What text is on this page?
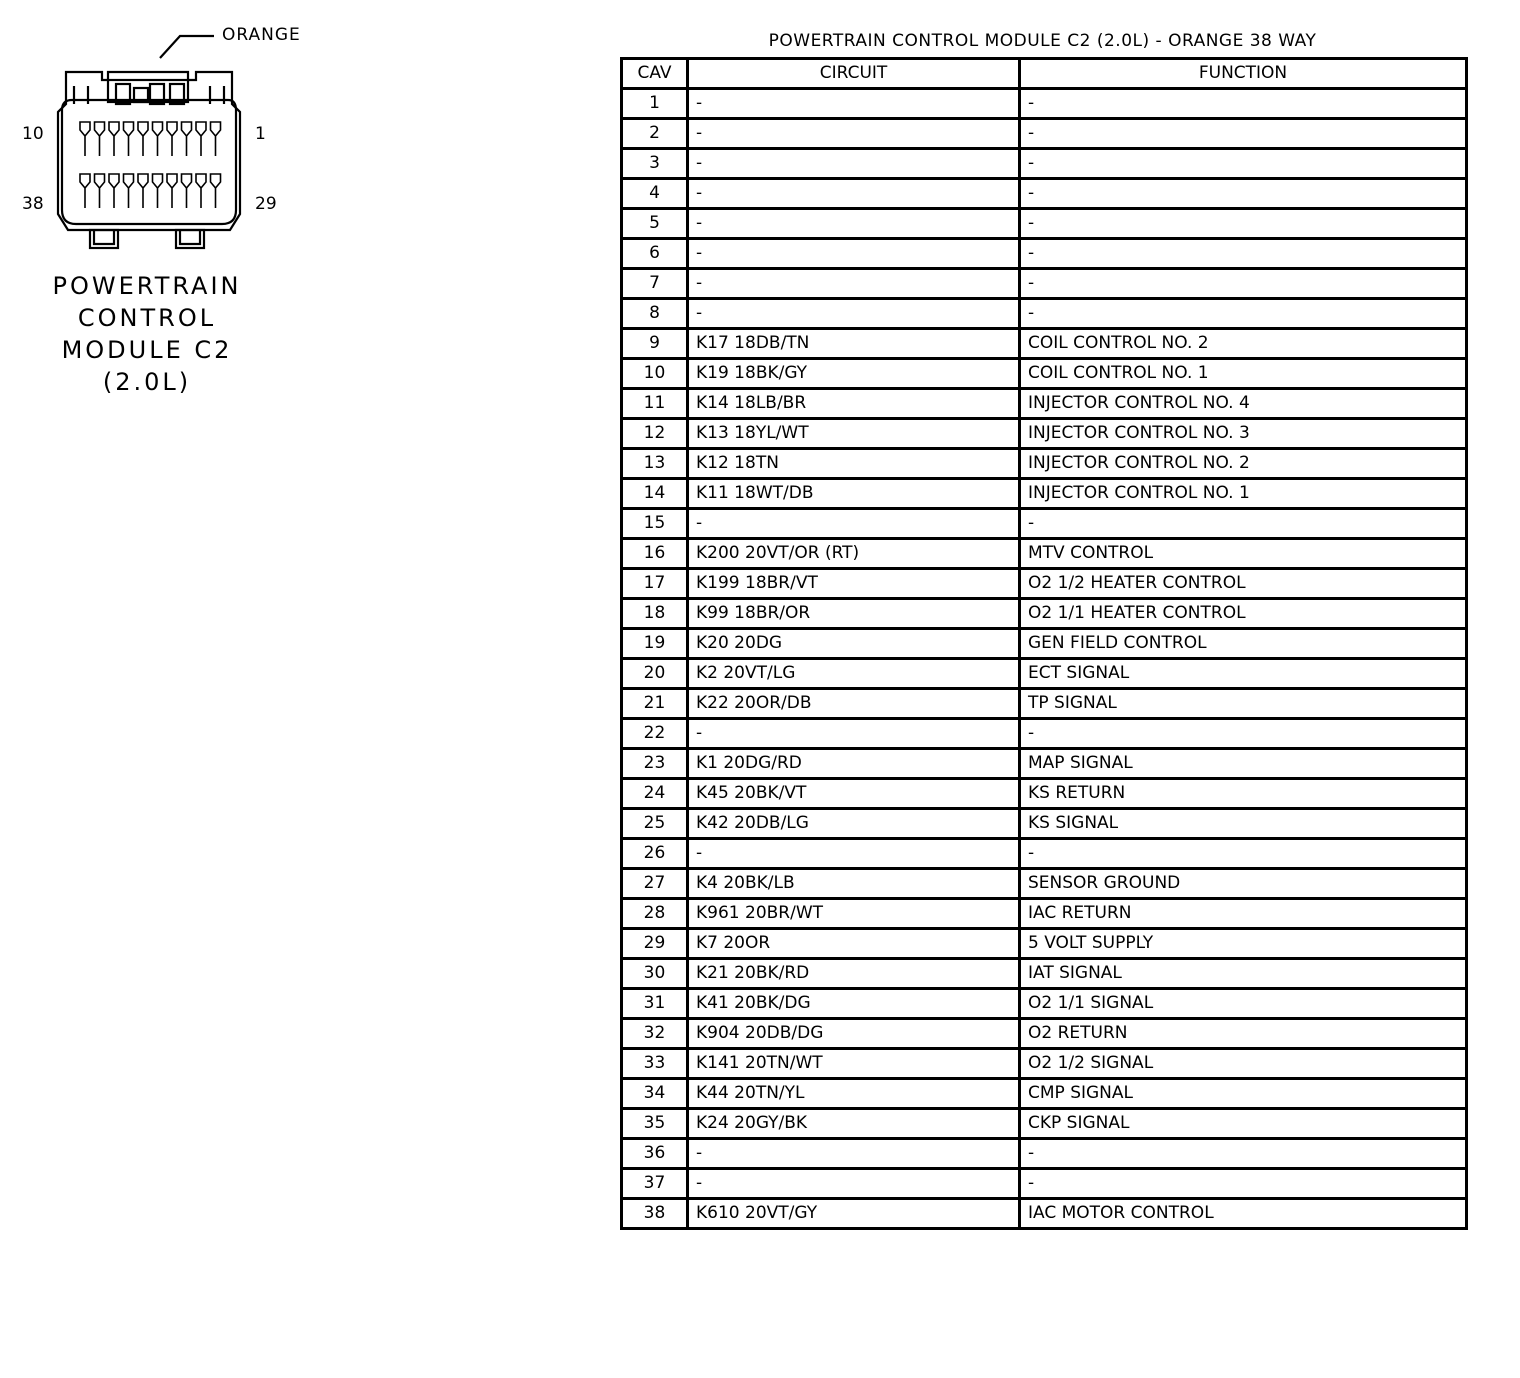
ORANGE
10	1
38	29
POWERTRAIN
CONTROL
MODULE C2
(2.0L)
POWERTRAIN CONTROL MODULE C2 (2.0L) - ORANGE 38 WAY
CAV	CIRCUIT	FUNCTION
1	-	-
2	-	-
3	-	-
4	-	-
5	-	-
6	-	-
7	-	-
8	-	-
9	K17 18DB/TN	COIL CONTROL NO. 2
10	K19 18BK/GY	COIL CONTROL NO. 1
11	K14 18LB/BR	INJECTOR CONTROL NO. 4
12	K13 18YL/WT	INJECTOR CONTROL NO. 3
13	K12 18TN	INJECTOR CONTROL NO. 2
14	K11 18WT/DB	INJECTOR CONTROL NO. 1
15	-	-
16	K200 20VT/OR (RT)	MTV CONTROL
17	K199 18BR/VT	O2 1/2 HEATER CONTROL
18	K99 18BR/OR	O2 1/1 HEATER CONTROL
19	K20 20DG	GEN FIELD CONTROL
20	K2 20VT/LG	ECT SIGNAL
21	K22 20OR/DB	TP SIGNAL
22	-	-
23	K1 20DG/RD	MAP SIGNAL
24	K45 20BK/VT	KS RETURN
25	K42 20DB/LG	KS SIGNAL
26	-	-
27	K4 20BK/LB	SENSOR GROUND
28	K961 20BR/WT	IAC RETURN
29	K7 20OR	5 VOLT SUPPLY
30	K21 20BK/RD	IAT SIGNAL
31	K41 20BK/DG	O2 1/1 SIGNAL
32	K904 20DB/DG	O2 RETURN
33	K141 20TN/WT	O2 1/2 SIGNAL
34	K44 20TN/YL	CMP SIGNAL
35	K24 20GY/BK	CKP SIGNAL
36	-	-
37	-	-
38	K610 20VT/GY	IAC MOTOR CONTROL
